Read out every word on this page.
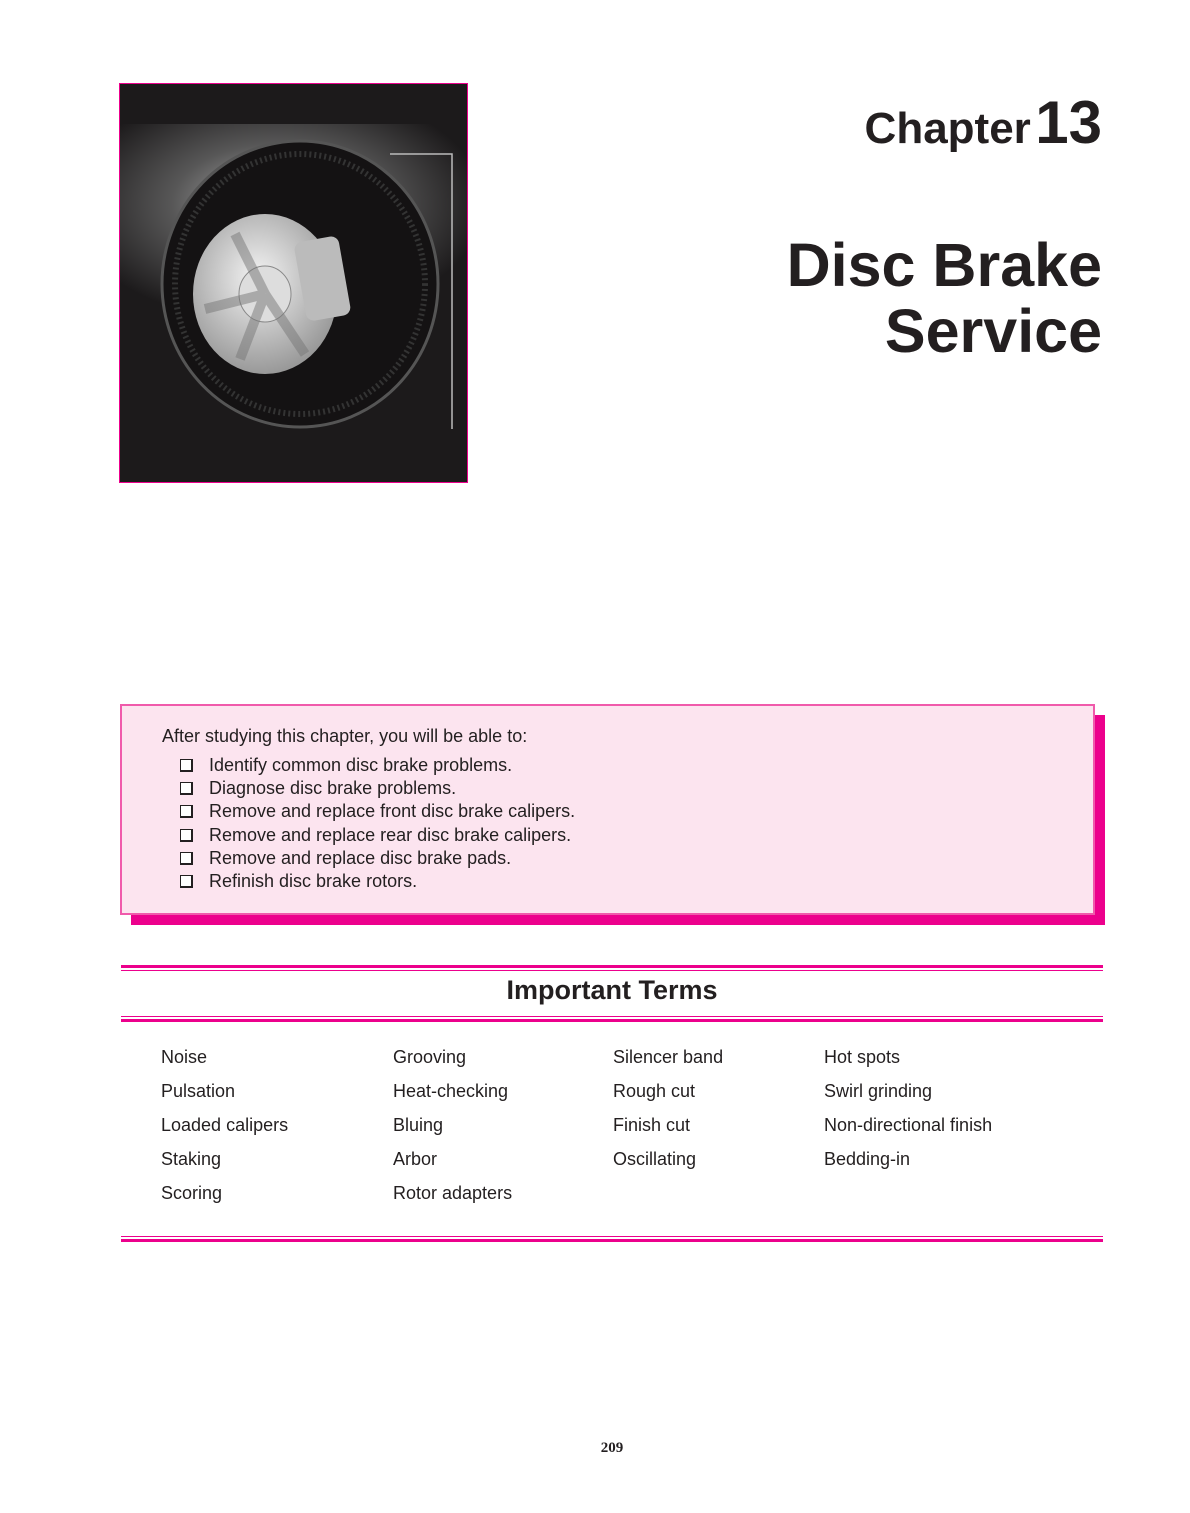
Chapter 13
Disc Brake
Service
After studying this chapter, you will be able to:
Identify common disc brake problems.
Diagnose disc brake problems.
Remove and replace front disc brake calipers.
Remove and replace rear disc brake calipers.
Remove and replace disc brake pads.
Refinish disc brake rotors.
Important Terms
209
Noise
Pulsation
Loaded calipers
Staking
Scoring
Grooving
Heat-checking
Bluing
Arbor
Rotor adapters
Silencer band
Rough cut
Finish cut
Oscillating
Hot spots
Swirl grinding
Non-directional finish
Bedding-in
